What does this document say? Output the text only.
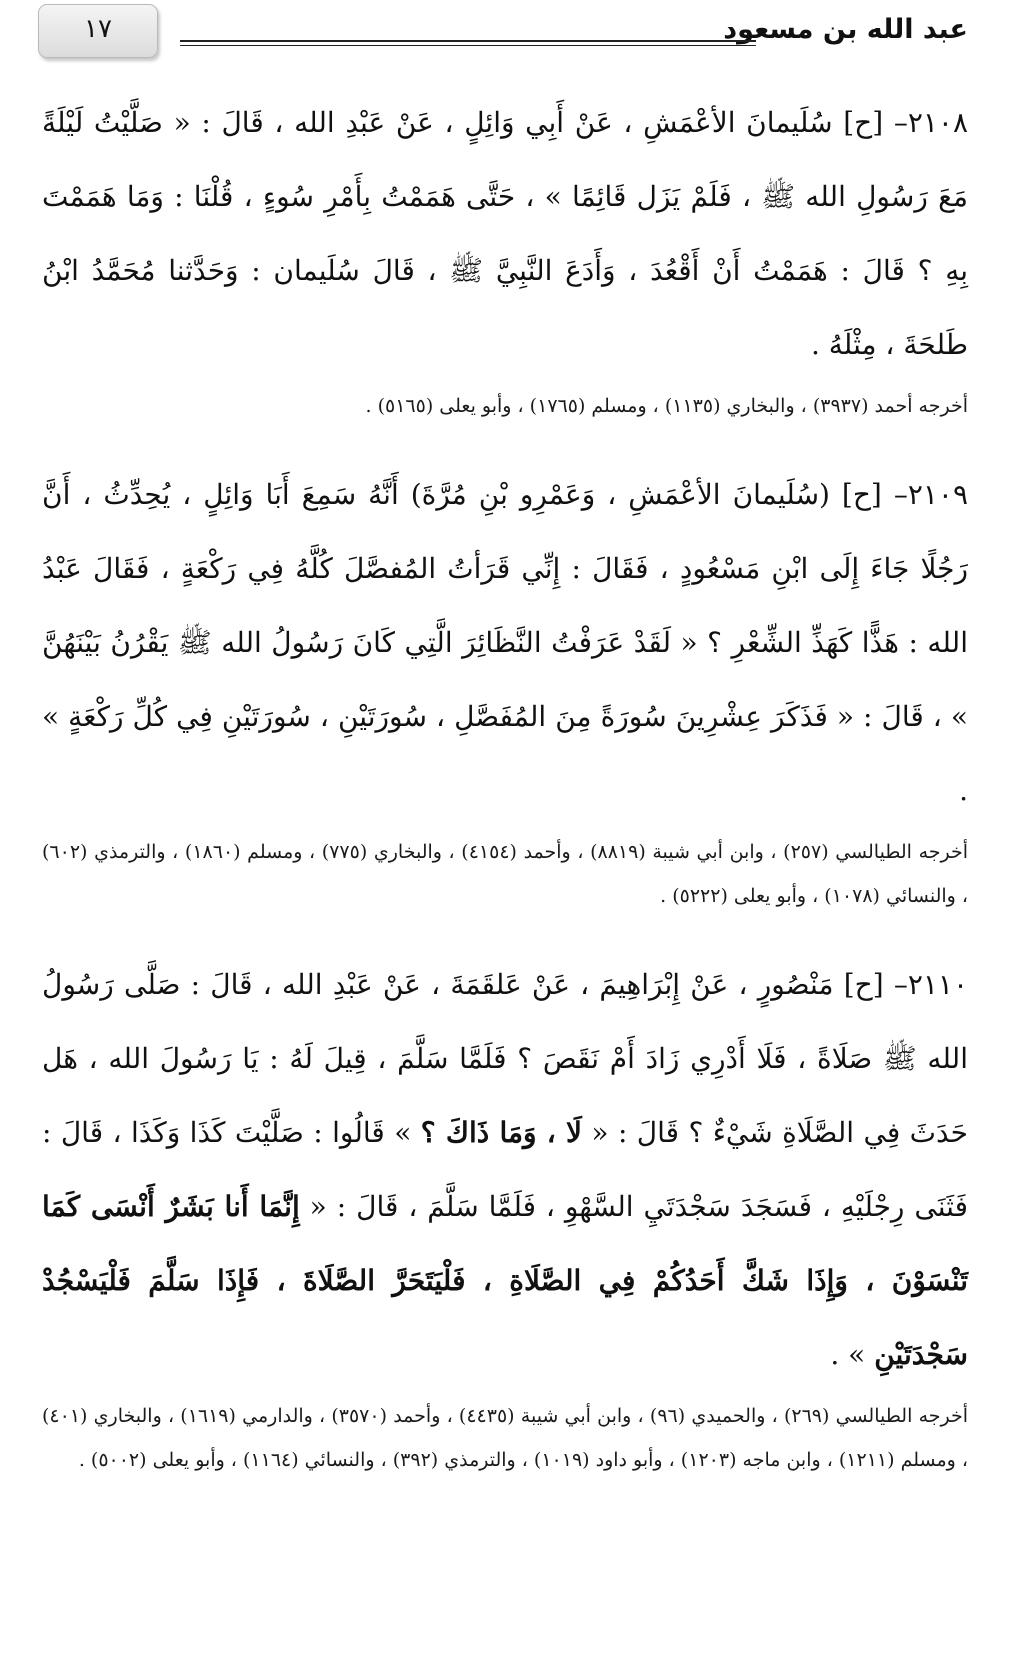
عبد الله بن مسعود
١٧

٢١٠٨– [ح] سُلَيمانَ الأعْمَشِ ، عَنْ أَبِي وَائِلٍ ، عَنْ عَبْدِ الله ، قَالَ : « صَلَّيْتُ لَيْلَةً مَعَ رَسُولِ الله ﷺ ، فَلَمْ يَزَل قَائِمًا » ، حَتَّى هَمَمْتُ بِأَمْرِ سُوءٍ ، قُلْنَا : وَمَا هَمَمْتَ بِهِ ؟ قَالَ : هَمَمْتُ أَنْ أَقْعُدَ ، وَأَدَعَ النَّبِيَّ ﷺ ، قَالَ سُلَيمان : وَحَدَّثنا مُحَمَّدُ ابْنُ طَلحَةَ ، مِثْلَهُ .

أخرجه أحمد (٣٩٣٧) ، والبخاري (١١٣٥) ، ومسلم (١٧٦٥) ، وأبو يعلى (٥١٦٥) .

٢١٠٩– [ح] (سُلَيمانَ الأعْمَشِ ، وَعَمْرِو بْنِ مُرَّةَ) أَنَّهُ سَمِعَ أَبَا وَائِلٍ ، يُحِدِّثُ ، أَنَّ رَجُلًا جَاءَ إِلَى ابْنِ مَسْعُودٍ ، فَقَالَ : إِنِّي قَرَأتُ المُفصَّلَ كُلَّهُ فِي رَكْعَةٍ ، فَقَالَ عَبْدُ الله : هَذًّا كَهَذِّ الشِّعْرِ ؟ « لَقَدْ عَرَفْتُ النَّظَائِرَ الَّتِي كَانَ رَسُولُ الله ﷺ يَقْرُنُ بَيْنَهُنَّ » ، قَالَ : « فَذَكَرَ عِشْرِينَ سُورَةً مِنَ المُفَصَّلِ ، سُورَتَيْنِ ، سُورَتَيْنِ فِي كُلِّ رَكْعَةٍ » .

أخرجه الطيالسي (٢٥٧) ، وابن أبي شيبة (٨٨١٩) ، وأحمد (٤١٥٤) ، والبخاري (٧٧٥) ، ومسلم (١٨٦٠) ، والترمذي (٦٠٢) ، والنسائي (١٠٧٨) ، وأبو يعلى (٥٢٢٢) .

٢١١٠– [ح] مَنْصُورٍ ، عَنْ إِبْرَاهِيمَ ، عَنْ عَلقَمَةَ ، عَنْ عَبْدِ الله ، قَالَ : صَلَّى رَسُولُ الله ﷺ صَلَاةً ، فَلَا أَدْرِي زَادَ أَمْ نَقَصَ ؟ فَلَمَّا سَلَّمَ ، قِيلَ لَهُ : يَا رَسُولَ الله ، هَل حَدَثَ فِي الصَّلَاةِ شَيْءٌ ؟ قَالَ : « لَا ، وَمَا ذَاكَ ؟ » قَالُوا : صَلَّيْتَ كَذَا وَكَذَا ، قَالَ : فَثَنَى رِجْلَيْهِ ، فَسَجَدَ سَجْدَتَيِ السَّهْوِ ، فَلَمَّا سَلَّمَ ، قَالَ : « إِنَّمَا أَنا بَشَرٌ أَنْسَى كَمَا تَنْسَوْنَ ، وَإِذَا شَكَّ أَحَدُكُمْ فِي الصَّلَاةِ ، فَلْيَتَحَرَّ الصَّلَاةَ ، فَإِذَا سَلَّمَ فَلْيَسْجُدْ سَجْدَتَيْنِ » .

أخرجه الطيالسي (٢٦٩) ، والحميدي (٩٦) ، وابن أبي شيبة (٤٤٣٥) ، وأحمد (٣٥٧٠) ، والدارمي (١٦١٩) ، والبخاري (٤٠١) ، ومسلم (١٢١١) ، وابن ماجه (١٢٠٣) ، وأبو داود (١٠١٩) ، والترمذي (٣٩٢) ، والنسائي (١١٦٤) ، وأبو يعلى (٥٠٠٢) .
